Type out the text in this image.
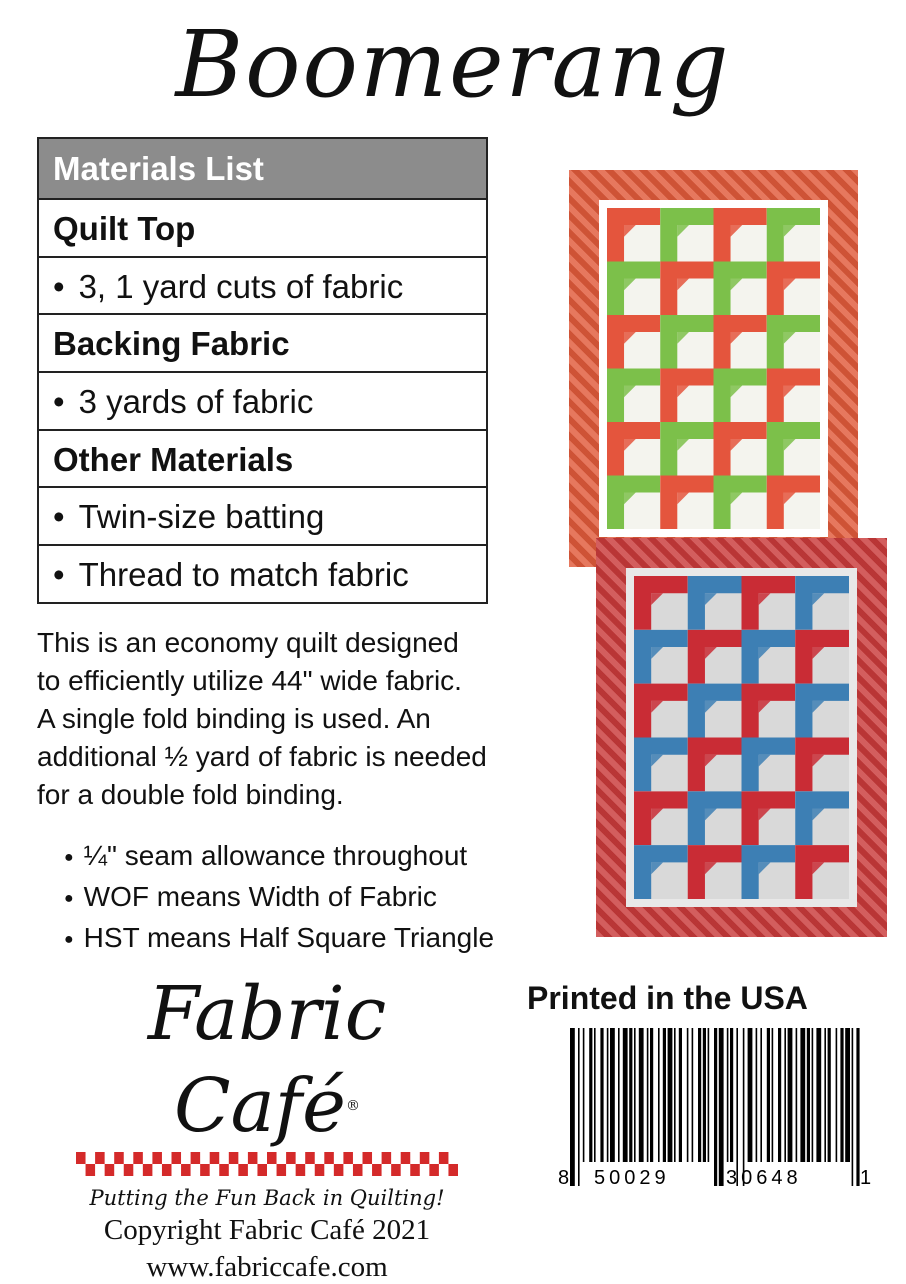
Boomerang
Materials List
Quilt Top
• 3, 1 yard cuts of fabric
Backing Fabric
• 3 yards of fabric
Other Materials
• Twin-size batting
• Thread to match fabric

This is an economy quilt designed

to efficiently utilize 44" wide fabric.

A single fold binding is used. An

additional ½ yard of fabric is needed

for a double fold binding.

● ¼" seam allowance throughout
● WOF means Width of Fabric
● HST means Half Square Triangle
Fabric Café®
Putting the Fun Back in Quilting!
Copyright Fabric Café 2021
www.fabriccafe.com
Printed in the USA
8 50029	30648	1
